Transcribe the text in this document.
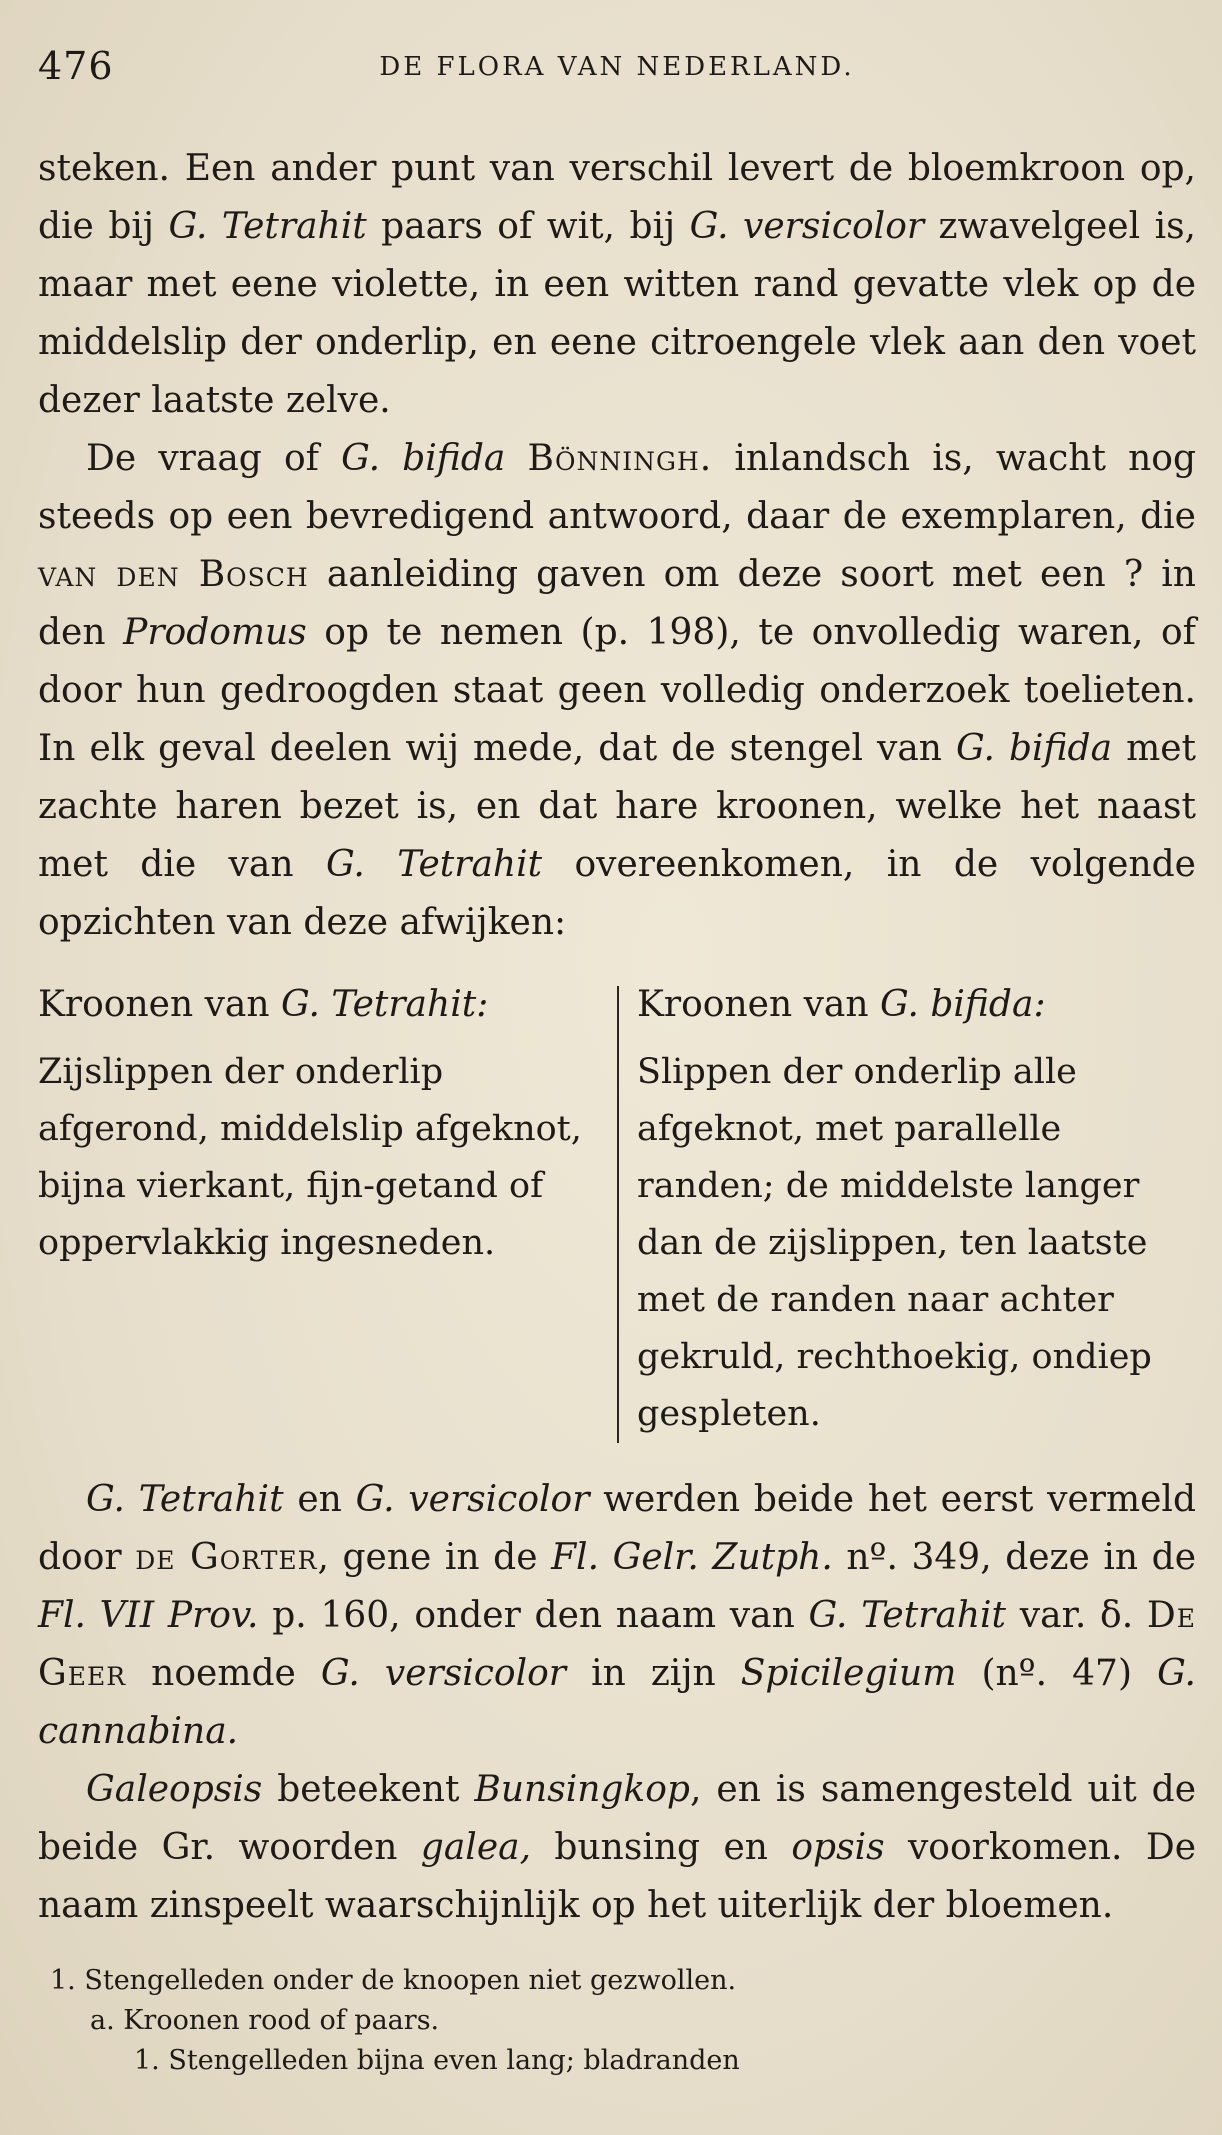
476	DE FLORA VAN NEDERLAND.

steken. Een ander punt van verschil levert de bloemkroon op, die bij G. Tetrahit paars of wit, bij G. versicolor zwavelgeel is, maar met eene violette, in een witten rand gevatte vlek op de middelslip der onderlip, en eene citroengele vlek aan den voet dezer laatste zelve.

De vraag of G. bifida Bönningh. inlandsch is, wacht nog steeds op een bevredigend antwoord, daar de exemplaren, die van den Bosch aanleiding gaven om deze soort met een ? in den Prodomus op te nemen (p. 198), te onvolledig waren, of door hun gedroogden staat geen volledig onderzoek toelieten. In elk geval deelen wij mede, dat de stengel van G. bifida met zachte haren bezet is, en dat hare kroonen, welke het naast met die van G. Tetrahit overeenkomen, in de volgende opzichten van deze afwijken:

Kroonen van G. Tetrahit:

Zijslippen der onderlip afgerond, middelslip afgeknot, bijna vierkant, fijn-getand of oppervlakkig ingesneden.

Kroonen van G. bifida:

Slippen der onderlip alle afgeknot, met parallelle randen; de middelste langer dan de zijslippen, ten laatste met de randen naar achter gekruld, rechthoekig, ondiep gespleten.

G. Tetrahit en G. versicolor werden beide het eerst vermeld door de Gorter, gene in de Fl. Gelr. Zutph. nº. 349, deze in de Fl. VII Prov. p. 160, onder den naam van G. Tetrahit var. δ. De Geer noemde G. versicolor in zijn Spicilegium (nº. 47) G. cannabina.

Galeopsis beteekent Bunsingkop, en is samengesteld uit de beide Gr. woorden galea, bunsing en opsis voorkomen. De naam zinspeelt waarschijnlijk op het uiterlijk der bloemen.

1. Stengelleden onder de knoopen niet gezwollen.
a. Kroonen rood of paars.
1. Stengelleden bijna even lang; bladranden
